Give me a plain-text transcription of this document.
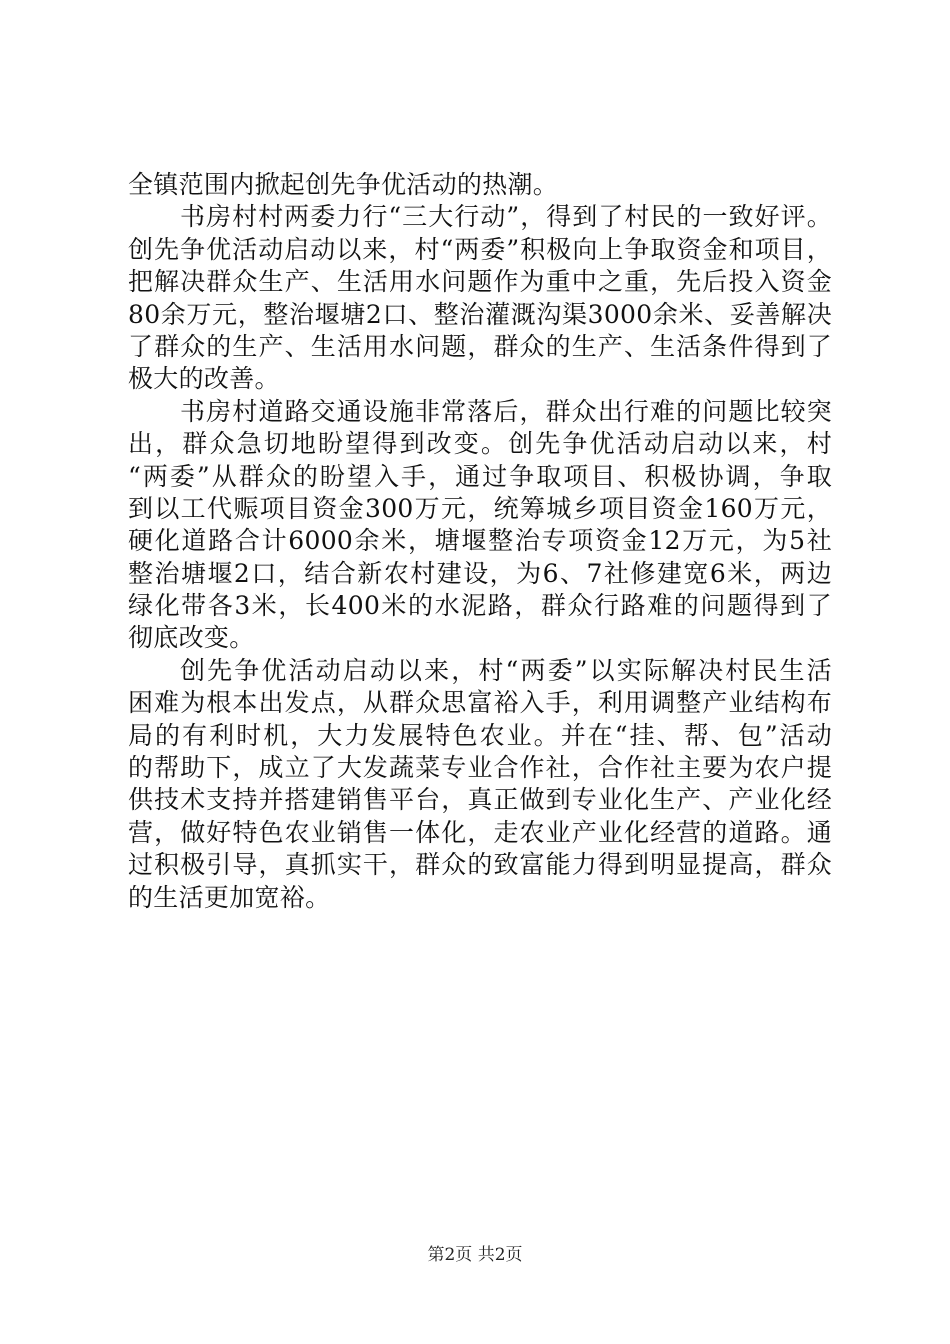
全镇范围内掀起创先争优活动的热潮。
书房村村两委力行“三大行动”，得到了村民的一致好评。
创先争优活动启动以来，村“两委”积极向上争取资金和项目，
把解决群众生产、生活用水问题作为重中之重，先后投入资金
80余万元，整治堰塘2口、整治灌溉沟渠3000余米、妥善解决
了群众的生产、生活用水问题，群众的生产、生活条件得到了
极大的改善。
书房村道路交通设施非常落后，群众出行难的问题比较突
出，群众急切地盼望得到改变。创先争优活动启动以来，村
“两委”从群众的盼望入手，通过争取项目、积极协调，争取
到以工代赈项目资金300万元，统筹城乡项目资金160万元，
硬化道路合计6000余米，塘堰整治专项资金12万元，为5社
整治塘堰2口，结合新农村建设，为6、7社修建宽6米，两边
绿化带各3米，长400米的水泥路，群众行路难的问题得到了
彻底改变。
创先争优活动启动以来，村“两委”以实际解决村民生活
困难为根本出发点，从群众思富裕入手，利用调整产业结构布
局的有利时机，大力发展特色农业。并在“挂、帮、包”活动
的帮助下，成立了大发蔬菜专业合作社，合作社主要为农户提
供技术支持并搭建销售平台，真正做到专业化生产、产业化经
营，做好特色农业销售一体化，走农业产业化经营的道路。通
过积极引导，真抓实干，群众的致富能力得到明显提高，群众
的生活更加宽裕。
第2页 共2页
